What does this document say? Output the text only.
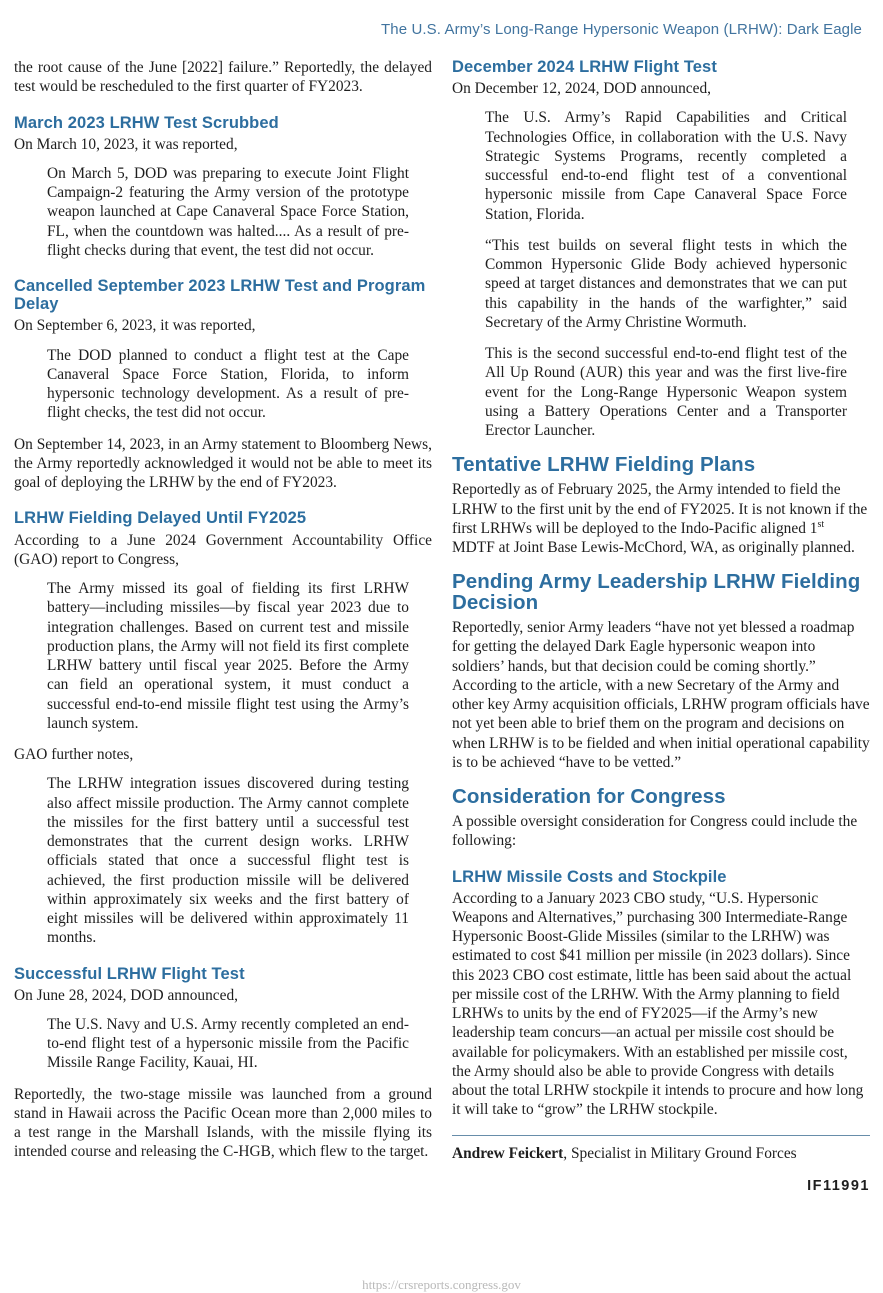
The U.S. Army’s Long-Range Hypersonic Weapon (LRHW): Dark Eagle

the root cause of the June [2022] failure.” Reportedly, the delayed test would be rescheduled to the first quarter of FY2023.

March 2023 LRHW Test Scrubbed

On March 10, 2023, it was reported,

On March 5, DOD was preparing to execute Joint Flight Campaign-2 featuring the Army version of the prototype weapon launched at Cape Canaveral Space Force Station, FL, when the countdown was halted.... As a result of pre-flight checks during that event, the test did not occur.

Cancelled September 2023 LRHW Test and Program Delay

On September 6, 2023, it was reported,

The DOD planned to conduct a flight test at the Cape Canaveral Space Force Station, Florida, to inform hypersonic technology development. As a result of pre-flight checks, the test did not occur.

On September 14, 2023, in an Army statement to Bloomberg News, the Army reportedly acknowledged it would not be able to meet its goal of deploying the LRHW by the end of FY2023.

LRHW Fielding Delayed Until FY2025

According to a June 2024 Government Accountability Office (GAO) report to Congress,

The Army missed its goal of fielding its first LRHW battery—including missiles—by fiscal year 2023 due to integration challenges. Based on current test and missile production plans, the Army will not field its first complete LRHW battery until fiscal year 2025. Before the Army can field an operational system, it must conduct a successful end-to-end missile flight test using the Army’s launch system.

GAO further notes,

The LRHW integration issues discovered during testing also affect missile production. The Army cannot complete the missiles for the first battery until a successful test demonstrates that the current design works. LRHW officials stated that once a successful flight test is achieved, the first production missile will be delivered within approximately six weeks and the first battery of eight missiles will be delivered within approximately 11 months.

Successful LRHW Flight Test

On June 28, 2024, DOD announced,

The U.S. Navy and U.S. Army recently completed an end-to-end flight test of a hypersonic missile from the Pacific Missile Range Facility, Kauai, HI.

Reportedly, the two-stage missile was launched from a ground stand in Hawaii across the Pacific Ocean more than 2,000 miles to a test range in the Marshall Islands, with the missile flying its intended course and releasing the C-HGB, which flew to the target.

December 2024 LRHW Flight Test

On December 12, 2024, DOD announced,

The U.S. Army’s Rapid Capabilities and Critical Technologies Office, in collaboration with the U.S. Navy Strategic Systems Programs, recently completed a successful end-to-end flight test of a conventional hypersonic missile from Cape Canaveral Space Force Station, Florida.

“This test builds on several flight tests in which the Common Hypersonic Glide Body achieved hypersonic speed at target distances and demonstrates that we can put this capability in the hands of the warfighter,” said Secretary of the Army Christine Wormuth.

This is the second successful end-to-end flight test of the All Up Round (AUR) this year and was the first live-fire event for the Long-Range Hypersonic Weapon system using a Battery Operations Center and a Transporter Erector Launcher.

Tentative LRHW Fielding Plans

Reportedly as of February 2025, the Army intended to field the LRHW to the first unit by the end of FY2025. It is not known if the first LRHWs will be deployed to the Indo-Pacific aligned 1st MDTF at Joint Base Lewis-McChord, WA, as originally planned.

Pending Army Leadership LRHW Fielding Decision

Reportedly, senior Army leaders “have not yet blessed a roadmap for getting the delayed Dark Eagle hypersonic weapon into soldiers’ hands, but that decision could be coming shortly.” According to the article, with a new Secretary of the Army and other key Army acquisition officials, LRHW program officials have not yet been able to brief them on the program and decisions on when LRHW is to be fielded and when initial operational capability is to be achieved “have to be vetted.”

Consideration for Congress

A possible oversight consideration for Congress could include the following:

LRHW Missile Costs and Stockpile

According to a January 2023 CBO study, “U.S. Hypersonic Weapons and Alternatives,” purchasing 300 Intermediate-Range Hypersonic Boost-Glide Missiles (similar to the LRHW) was estimated to cost $41 million per missile (in 2023 dollars). Since this 2023 CBO cost estimate, little has been said about the actual per missile cost of the LRHW. With the Army planning to field LRHWs to units by the end of FY2025—if the Army’s new leadership team concurs—an actual per missile cost should be available for policymakers. With an established per missile cost, the Army should also be able to provide Congress with details about the total LRHW stockpile it intends to procure and how long it will take to “grow” the LRHW stockpile.

Andrew Feickert, Specialist in Military Ground Forces

IF11991
https://crsreports.congress.gov
